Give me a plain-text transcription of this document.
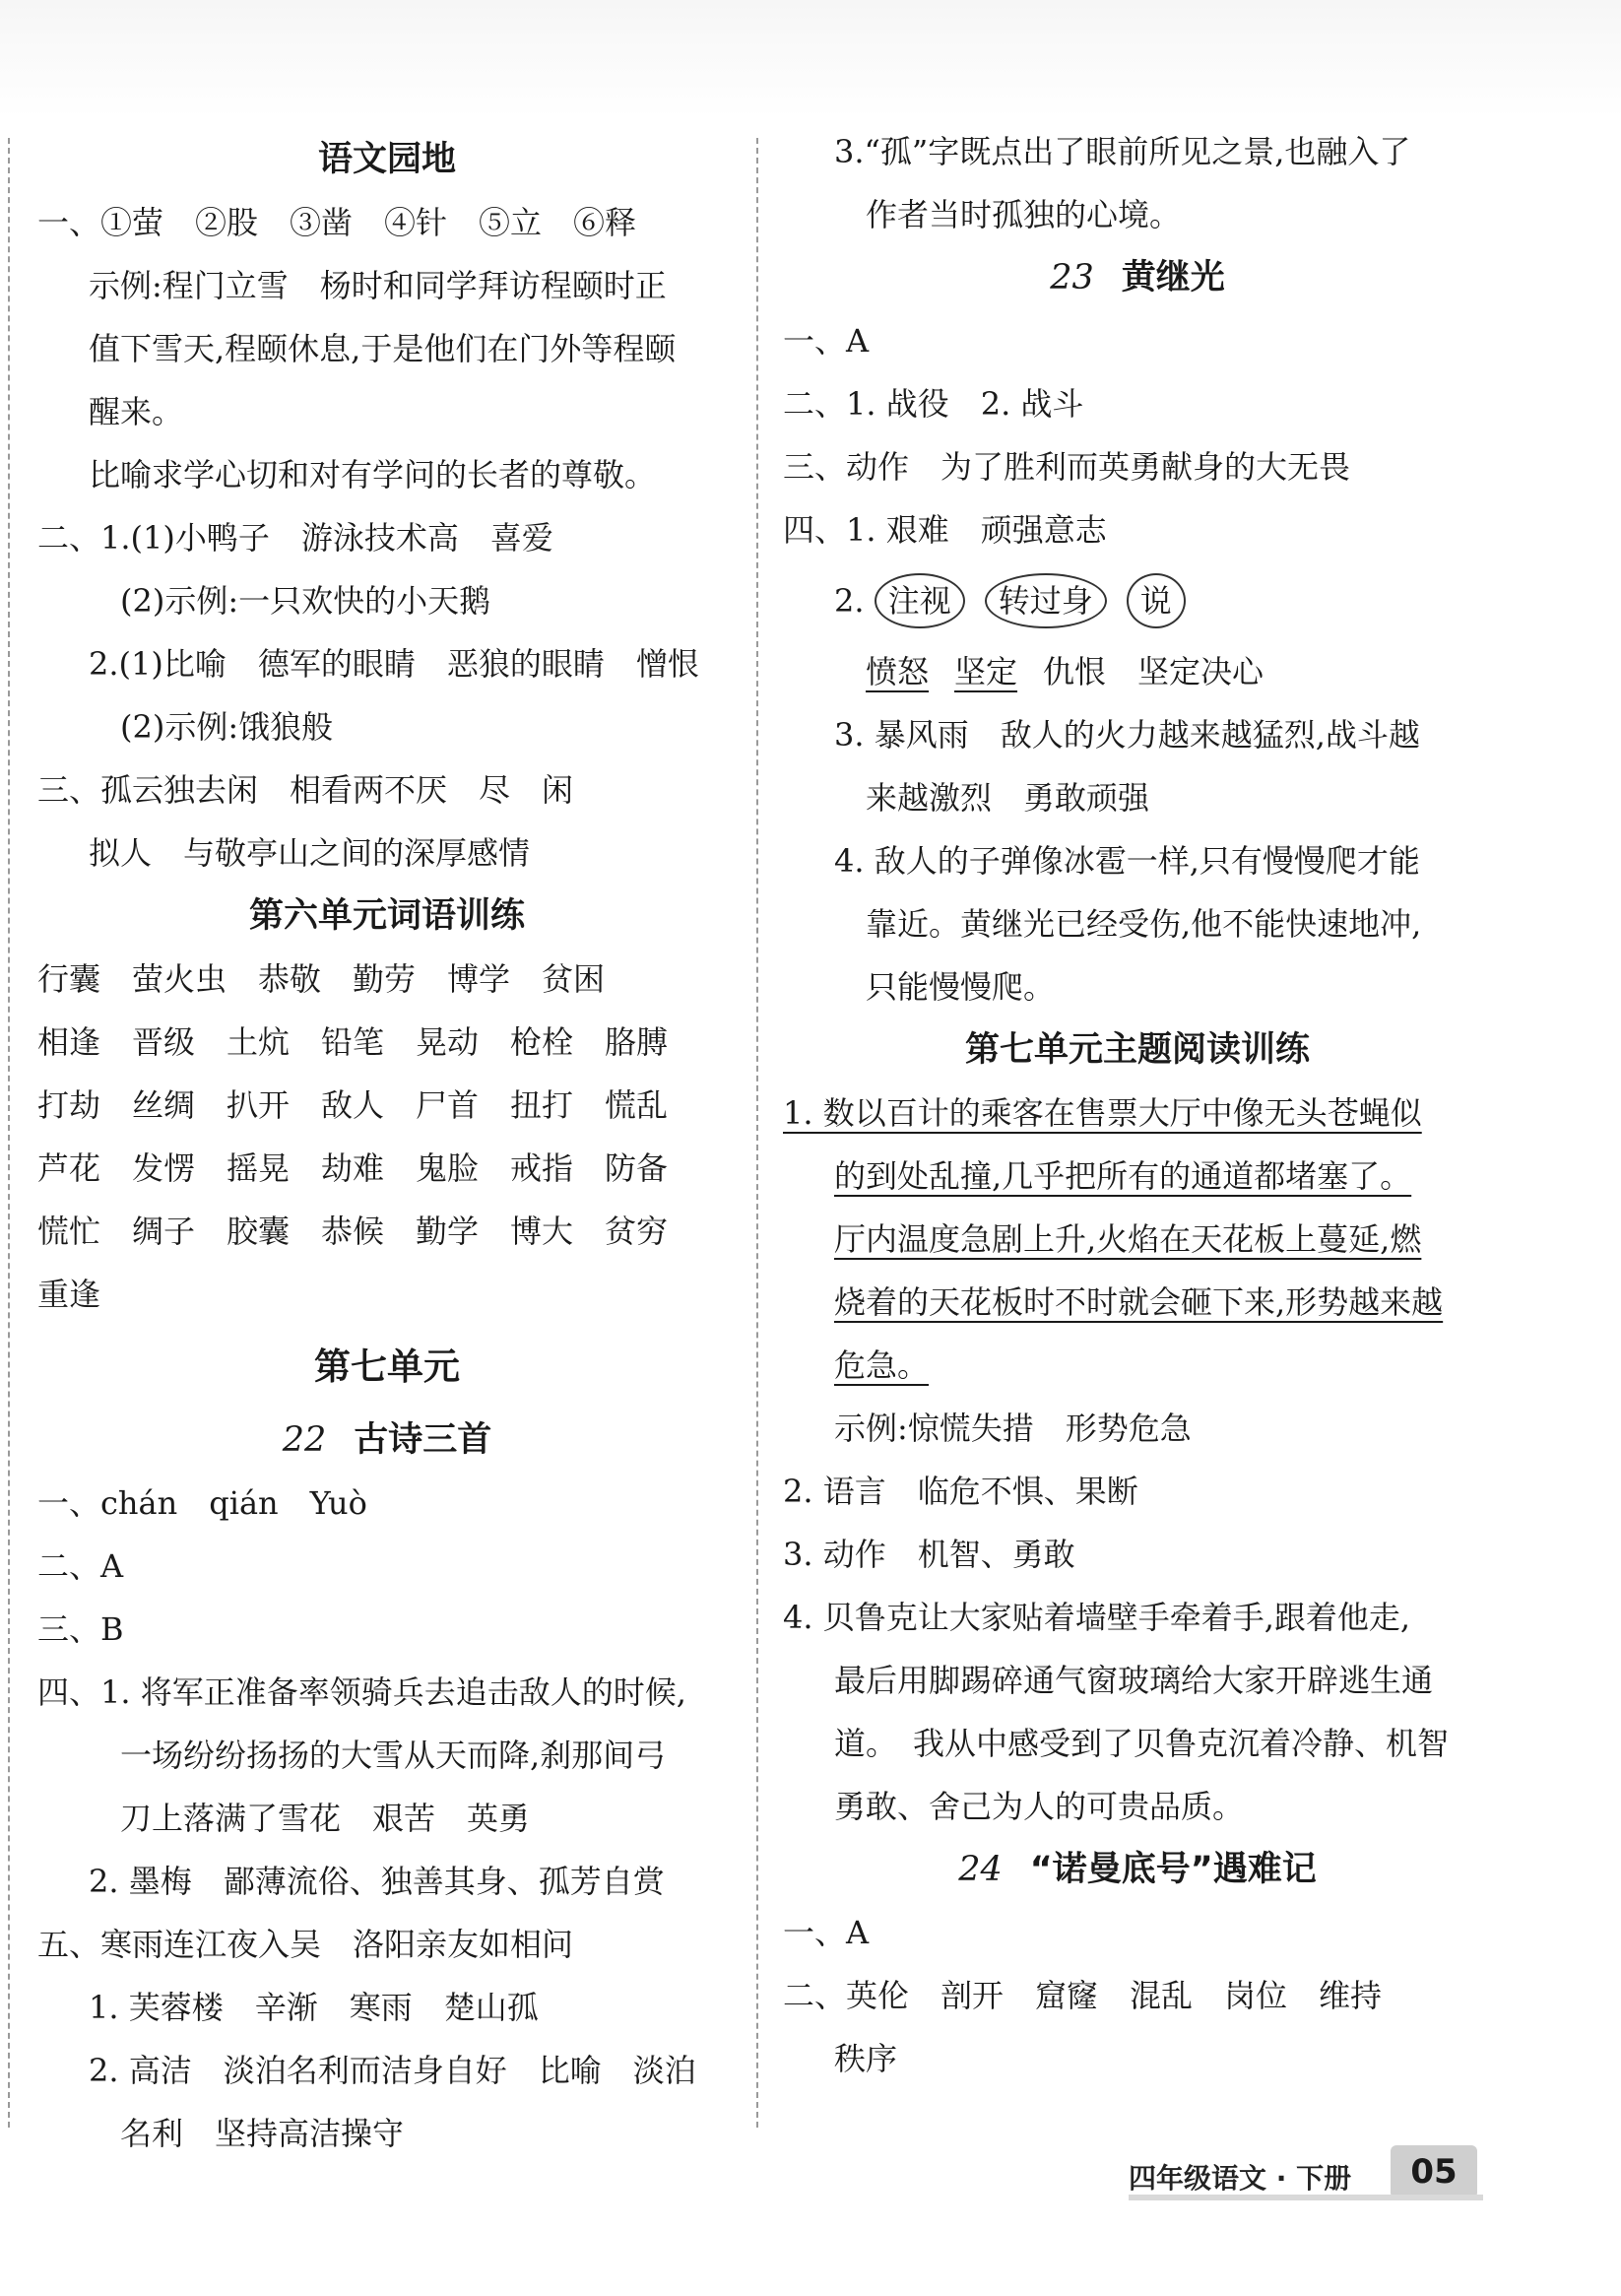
语文园地
一、①萤　②股　③凿　④针　⑤立　⑥释
示例:程门立雪　杨时和同学拜访程颐时正
值下雪天,程颐休息,于是他们在门外等程颐
醒来。
比喻求学心切和对有学问的长者的尊敬。
二、1.(1)小鸭子　游泳技术高　喜爱
(2)示例:一只欢快的小天鹅
2.(1)比喻　德军的眼睛　恶狼的眼睛　憎恨
(2)示例:饿狼般
三、孤云独去闲　相看两不厌　尽　闲
拟人　与敬亭山之间的深厚感情
第六单元词语训练
行囊　萤火虫　恭敬　勤劳　博学　贫困
相逢　晋级　土炕　铅笔　晃动　枪栓　胳膊
打劫　丝绸　扒开　敌人　尸首　扭打　慌乱
芦花　发愣　摇晃　劫难　鬼脸　戒指　防备
慌忙　绸子　胶囊　恭候　勤学　博大　贫穷
重逢
第七单元
22 古诗三首
一、chán　qián　Yuò
二、A
三、B
四、1. 将军正准备率领骑兵去追击敌人的时候,
一场纷纷扬扬的大雪从天而降,刹那间弓
刀上落满了雪花　艰苦　英勇
2. 墨梅　鄙薄流俗、独善其身、孤芳自赏
五、寒雨连江夜入吴　洛阳亲友如相问
1. 芙蓉楼　辛渐　寒雨　楚山孤
2. 高洁　淡泊名利而洁身自好　比喻　淡泊
名利　坚持高洁操守
3.“孤”字既点出了眼前所见之景,也融入了
作者当时孤独的心境。
23 黄继光
一、A
二、1. 战役　2. 战斗
三、动作　为了胜利而英勇献身的大无畏
四、1. 艰难　顽强意志
2. 注视 转过身 说
愤怒 坚定 仇恨　坚定决心
3. 暴风雨　敌人的火力越来越猛烈,战斗越
来越激烈　勇敢顽强
4. 敌人的子弹像冰雹一样,只有慢慢爬才能
靠近。黄继光已经受伤,他不能快速地冲,
只能慢慢爬。
第七单元主题阅读训练
1. 数以百计的乘客在售票大厅中像无头苍蝇似
的到处乱撞,几乎把所有的通道都堵塞了。
厅内温度急剧上升,火焰在天花板上蔓延,燃
烧着的天花板时不时就会砸下来,形势越来越
危急。
示例:惊慌失措　形势危急
2. 语言　临危不惧、果断
3. 动作　机智、勇敢
4. 贝鲁克让大家贴着墙壁手牵着手,跟着他走,
最后用脚踢碎通气窗玻璃给大家开辟逃生通
道。　我从中感受到了贝鲁克沉着冷静、机智
勇敢、舍己为人的可贵品质。
24 “诺曼底号”遇难记
一、A
二、英伦　剖开　窟窿　混乱　岗位　维持
秩序
四年级语文 · 下册	05
